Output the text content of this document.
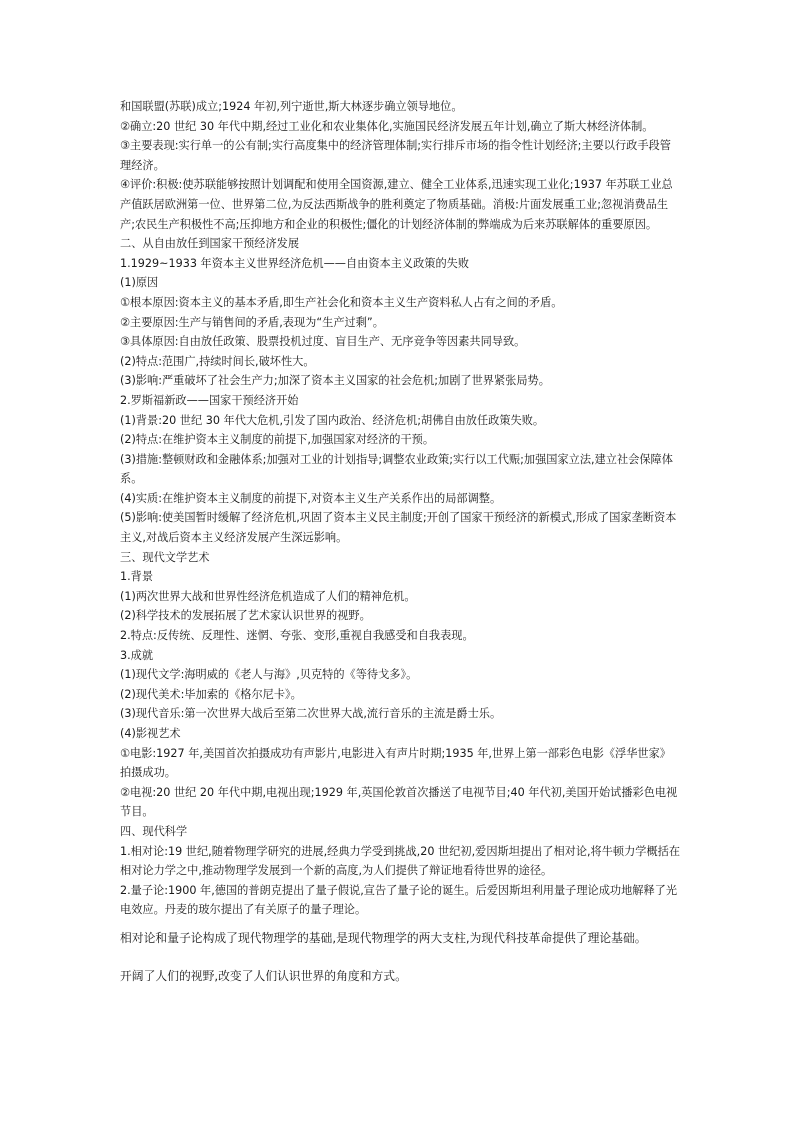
和国联盟(苏联)成立;1924 年初,列宁逝世,斯大林逐步确立领导地位。

②确立:20 世纪 30 年代中期,经过工业化和农业集体化,实施国民经济发展五年计划,确立了斯大林经济体制。

③主要表现:实行单一的公有制;实行高度集中的经济管理体制;实行排斥市场的指令性计划经济;主要以行政手段管理经济。

④评价:积极:使苏联能够按照计划调配和使用全国资源,建立、健全工业体系,迅速实现工业化;1937 年苏联工业总产值跃居欧洲第一位、世界第二位,为反法西斯战争的胜利奠定了物质基础。消极:片面发展重工业;忽视消费品生产;农民生产积极性不高;压抑地方和企业的积极性;僵化的计划经济体制的弊端成为后来苏联解体的重要原因。

二、从自由放任到国家干预经济发展

1.1929~1933 年资本主义世界经济危机——自由资本主义政策的失败

(1)原因

①根本原因:资本主义的基本矛盾,即生产社会化和资本主义生产资料私人占有之间的矛盾。

②主要原因:生产与销售间的矛盾,表现为“生产过剩”。

③具体原因:自由放任政策、股票投机过度、盲目生产、无序竞争等因素共同导致。

(2)特点:范围广,持续时间长,破坏性大。

(3)影响:严重破坏了社会生产力;加深了资本主义国家的社会危机;加剧了世界紧张局势。

2.罗斯福新政——国家干预经济开始

(1)背景:20 世纪 30 年代大危机,引发了国内政治、经济危机;胡佛自由放任政策失败。

(2)特点:在维护资本主义制度的前提下,加强国家对经济的干预。

(3)措施:整顿财政和金融体系;加强对工业的计划指导;调整农业政策;实行以工代赈;加强国家立法,建立社会保障体系。

(4)实质:在维护资本主义制度的前提下,对资本主义生产关系作出的局部调整。

(5)影响:使美国暂时缓解了经济危机,巩固了资本主义民主制度;开创了国家干预经济的新模式,形成了国家垄断资本主义,对战后资本主义经济发展产生深远影响。

三、现代文学艺术

1.背景

(1)两次世界大战和世界性经济危机造成了人们的精神危机。

(2)科学技术的发展拓展了艺术家认识世界的视野。

2.特点:反传统、反理性、迷惘、夸张、变形,重视自我感受和自我表现。

3.成就

(1)现代文学:海明威的《老人与海》,贝克特的《等待戈多》。

(2)现代美术:毕加索的《格尔尼卡》。

(3)现代音乐:第一次世界大战后至第二次世界大战,流行音乐的主流是爵士乐。

(4)影视艺术

①电影:1927 年,美国首次拍摄成功有声影片,电影进入有声片时期;1935 年,世界上第一部彩色电影《浮华世家》拍摄成功。

②电视:20 世纪 20 年代中期,电视出现;1929 年,英国伦敦首次播送了电视节目;40 年代初,美国开始试播彩色电视节目。

四、现代科学

1.相对论:19 世纪,随着物理学研究的进展,经典力学受到挑战,20 世纪初,爱因斯坦提出了相对论,将牛顿力学概括在相对论力学之中,推动物理学发展到一个新的高度,为人们提供了辩证地看待世界的途径。

2.量子论:1900 年,德国的普朗克提出了量子假说,宣告了量子论的诞生。后爱因斯坦利用量子理论成功地解释了光电效应。丹麦的玻尔提出了有关原子的量子理论。

相对论和量子论构成了现代物理学的基础,是现代物理学的两大支柱,为现代科技革命提供了理论基础。

开阔了人们的视野,改变了人们认识世界的角度和方式。
